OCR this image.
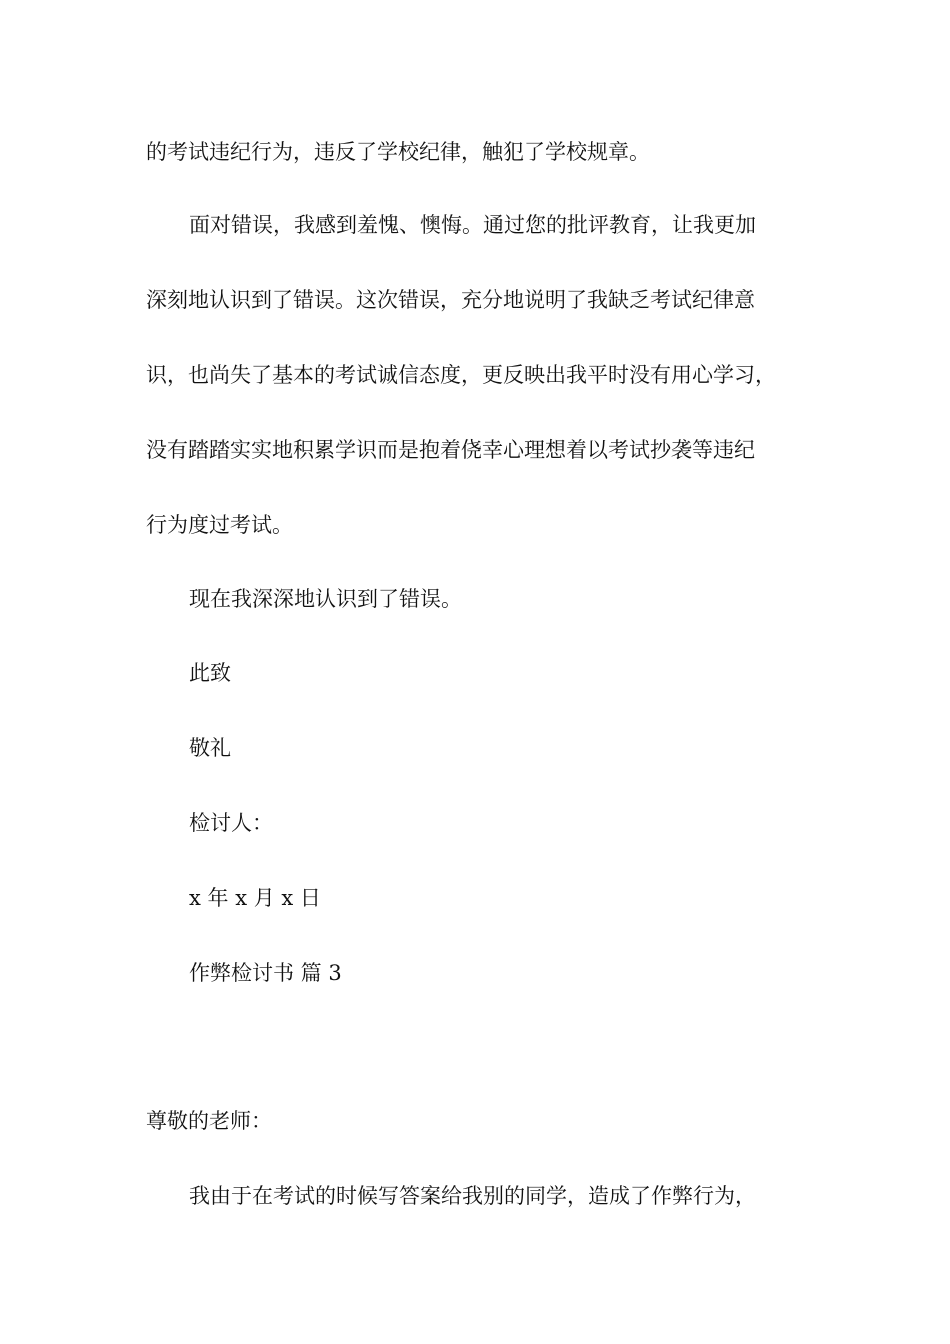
的考试违纪行为，违反了学校纪律，触犯了学校规章。
面对错误，我感到羞愧、懊悔。通过您的批评教育，让我更加
深刻地认识到了错误。这次错误，充分地说明了我缺乏考试纪律意
识，也尚失了基本的考试诚信态度，更反映出我平时没有用心学习，
没有踏踏实实地积累学识而是抱着侥幸心理想着以考试抄袭等违纪
行为度过考试。
现在我深深地认识到了错误。
此致
敬礼
检讨人：
x 年 x 月 x 日
作弊检讨书 篇 3
尊敬的老师：
我由于在考试的时候写答案给我别的同学，造成了作弊行为，
